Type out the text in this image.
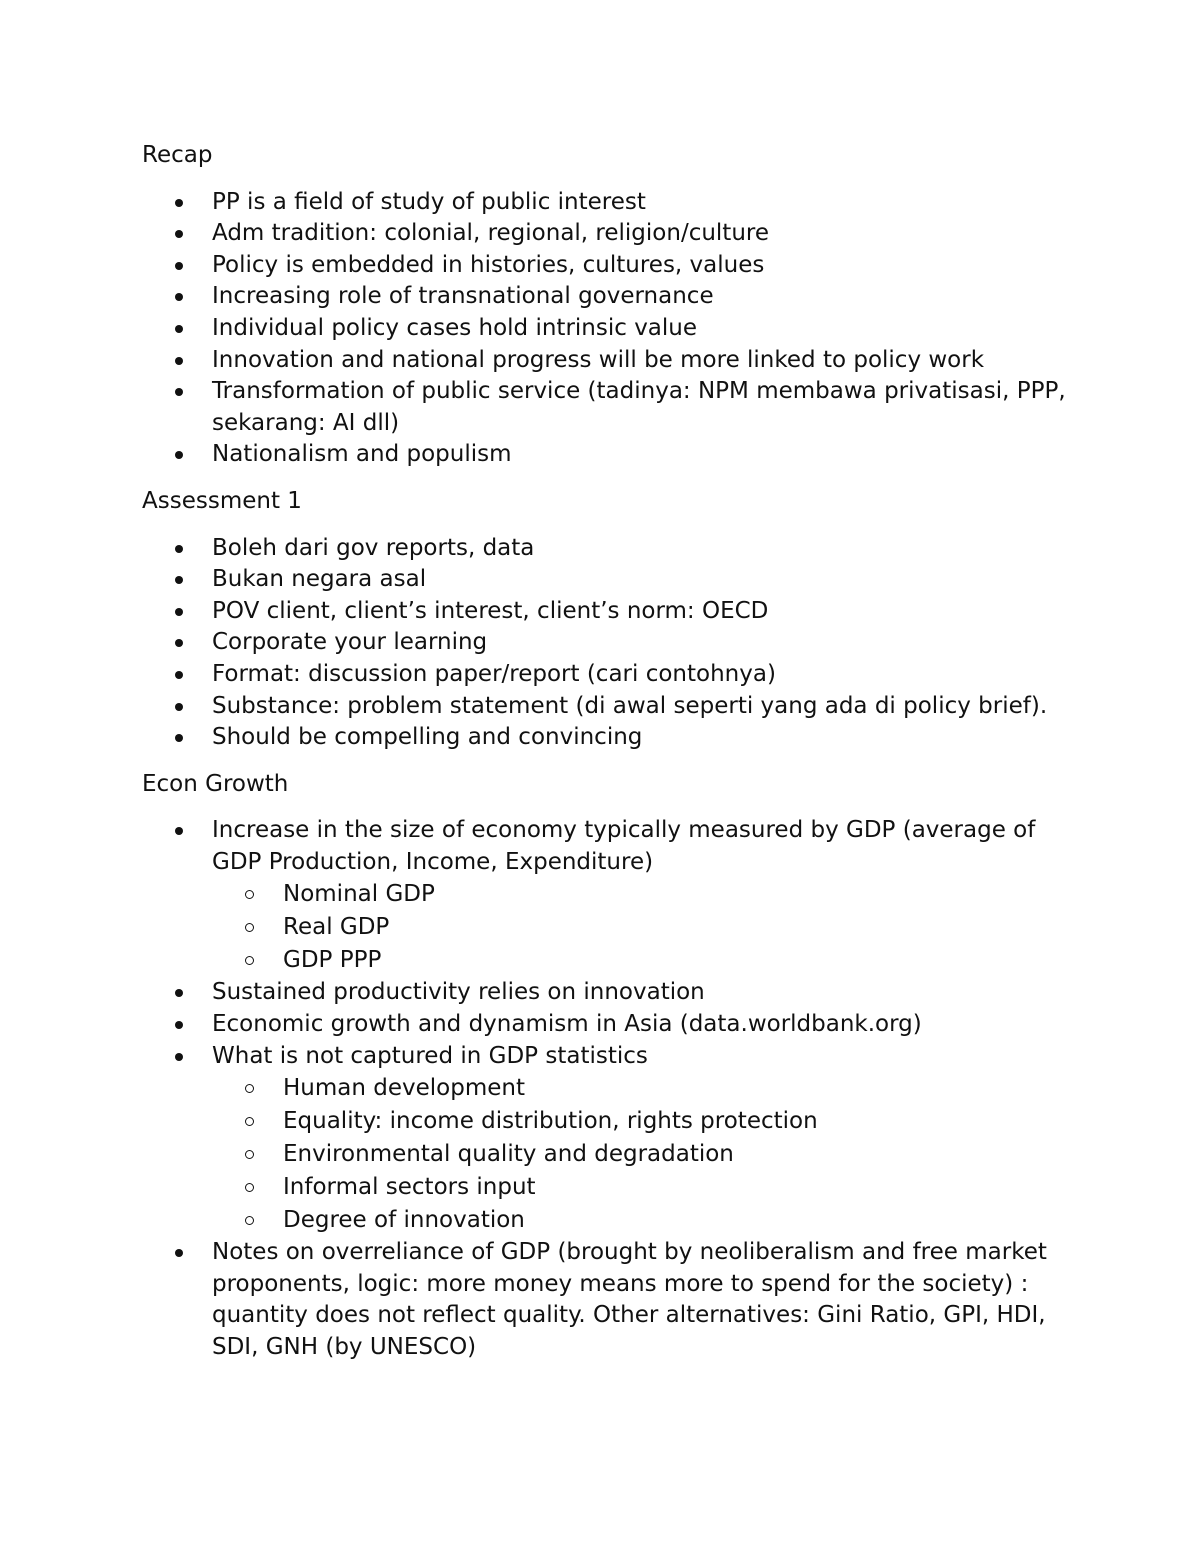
Recap
PP is a field of study of public interest
Adm tradition: colonial, regional, religion/culture
Policy is embedded in histories, cultures, values
Increasing role of transnational governance
Individual policy cases hold intrinsic value
Innovation and national progress will be more linked to policy work
Transformation of public service (tadinya: NPM membawa privatisasi, PPP, sekarang: AI dll)
Nationalism and populism
Assessment 1
Boleh dari gov reports, data
Bukan negara asal
POV client, client’s interest, client’s norm: OECD
Corporate your learning
Format: discussion paper/report (cari contohnya)
Substance: problem statement (di awal seperti yang ada di policy brief).
Should be compelling and convincing
Econ Growth
Increase in the size of economy typically measured by GDP (average of GDP Production, Income, Expenditure)
Nominal GDP
Real GDP
GDP PPP
Sustained productivity relies on innovation
Economic growth and dynamism in Asia (data.worldbank.org)
What is not captured in GDP statistics
Human development
Equality: income distribution, rights protection
Environmental quality and degradation
Informal sectors input
Degree of innovation
Notes on overreliance of GDP (brought by neoliberalism and free market proponents, logic: more money means more to spend for the society) : quantity does not reflect quality. Other alternatives: Gini Ratio, GPI, HDI, SDI, GNH (by UNESCO)
